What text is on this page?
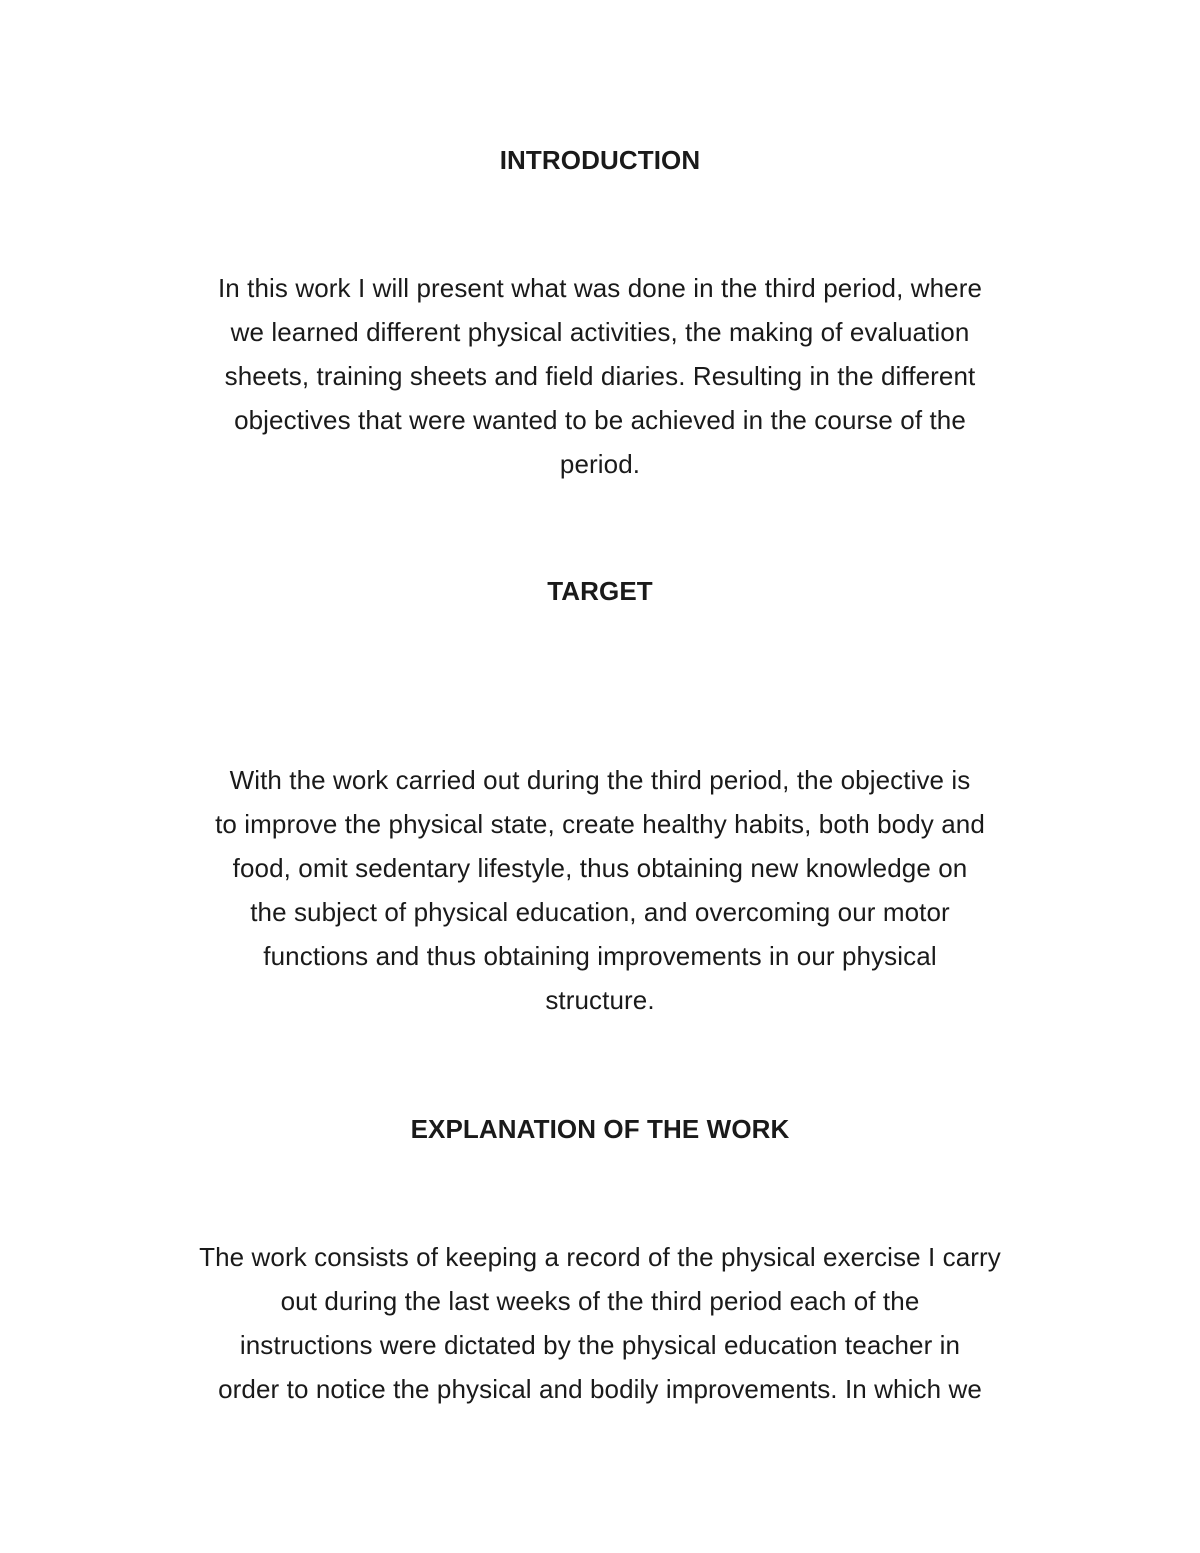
INTRODUCTION

In this work I will present what was done in the third period, where
we learned different physical activities, the making of evaluation
sheets, training sheets and field diaries. Resulting in the different
objectives that were wanted to be achieved in the course of the
period.

TARGET

With the work carried out during the third period, the objective is
to improve the physical state, create healthy habits, both body and
food, omit sedentary lifestyle, thus obtaining new knowledge on
the subject of physical education, and overcoming our motor
functions and thus obtaining improvements in our physical
structure.

EXPLANATION OF THE WORK

The work consists of keeping a record of the physical exercise I carry
out during the last weeks of the third period each of the
instructions were dictated by the physical education teacher in
order to notice the physical and bodily improvements. In which we
